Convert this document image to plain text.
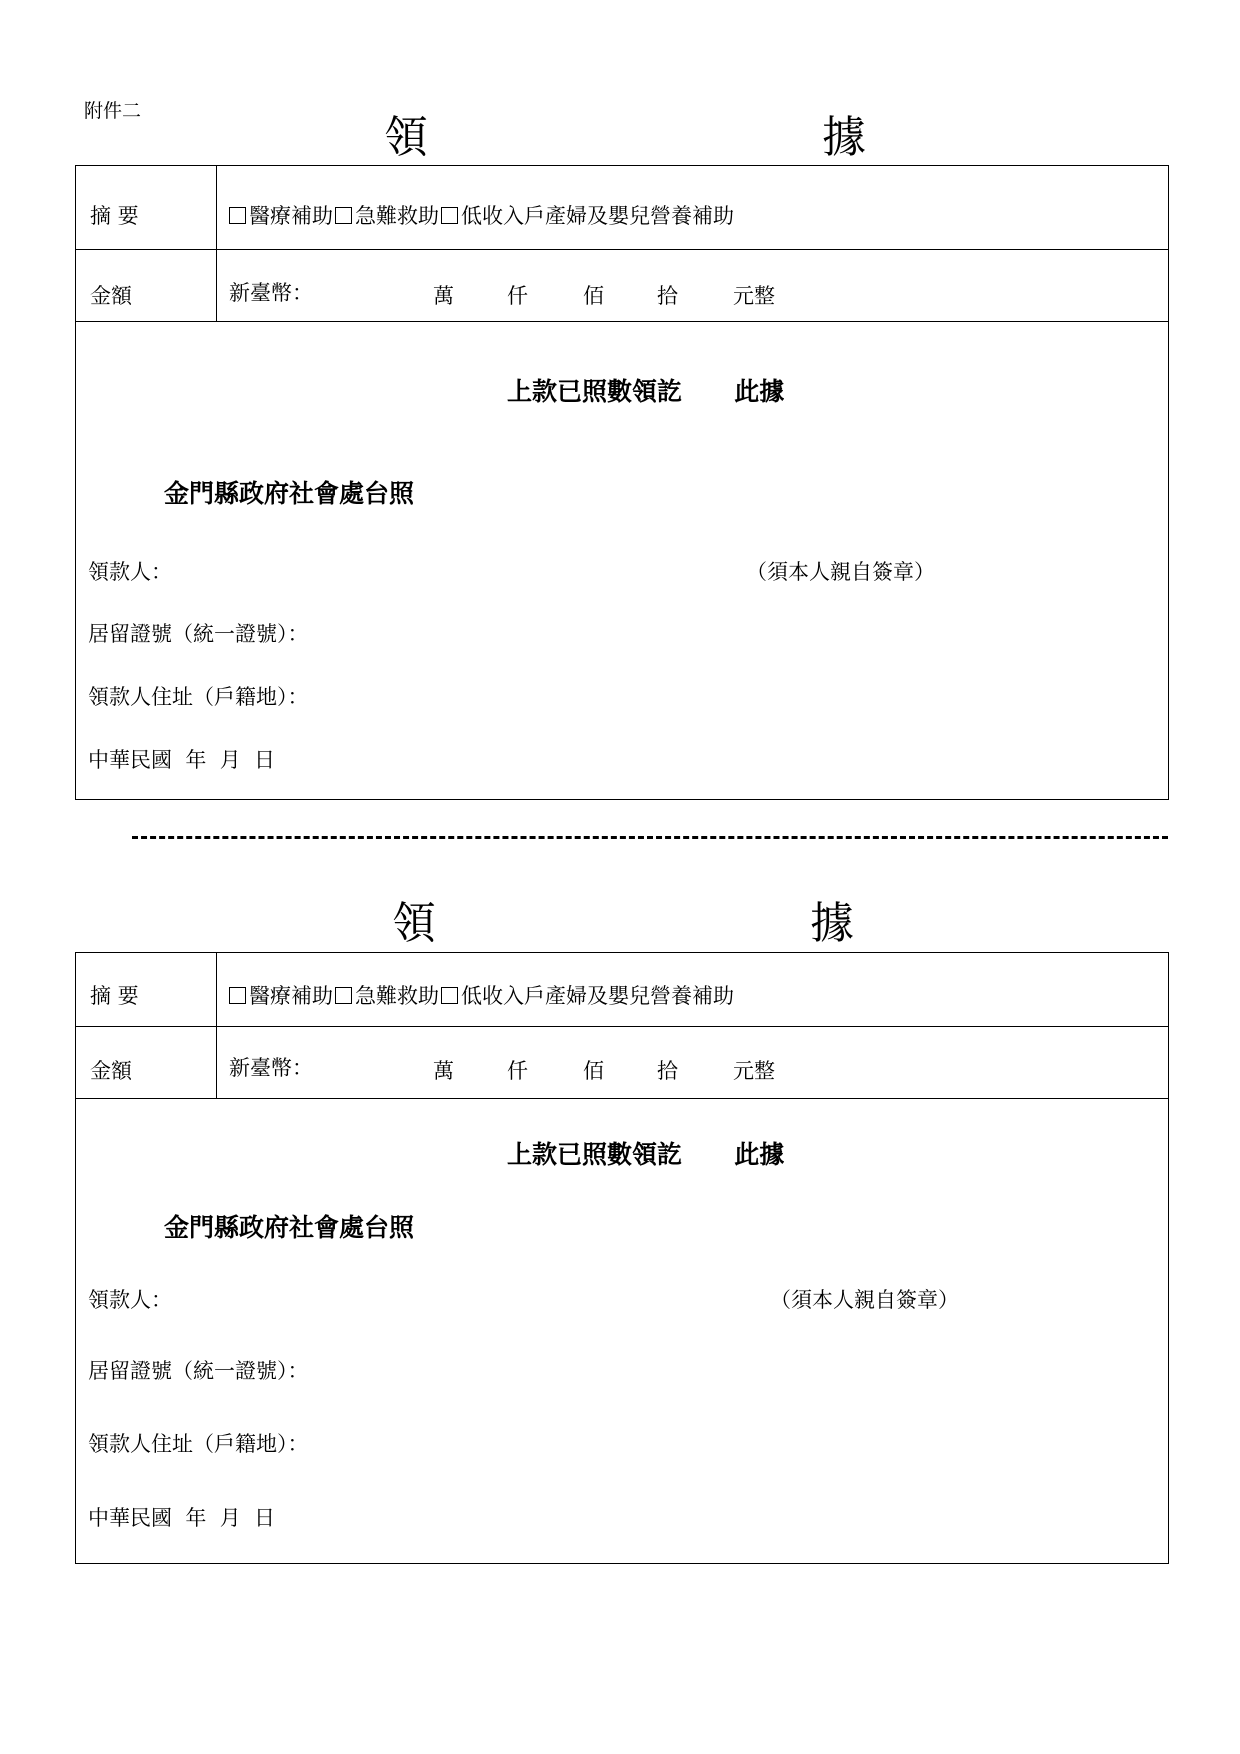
附件二
領	據
摘 要	醫療補助 急難救助 低收入戶產婦及嬰兒營養補助
金額	新臺幣：	萬	仟	佰	拾	元整
上款已照數領訖      此據
金門縣政府社會處台照
領款人：	（須本人親自簽章）
居留證號（統一證號）：
領款人住址（戶籍地）：
中華民國  年  月  日
領	據
摘 要	醫療補助 急難救助 低收入戶產婦及嬰兒營養補助
金額	新臺幣：	萬	仟	佰	拾	元整
上款已照數領訖      此據
金門縣政府社會處台照
領款人：	（須本人親自簽章）
居留證號（統一證號）：
領款人住址（戶籍地）：
中華民國  年  月  日
